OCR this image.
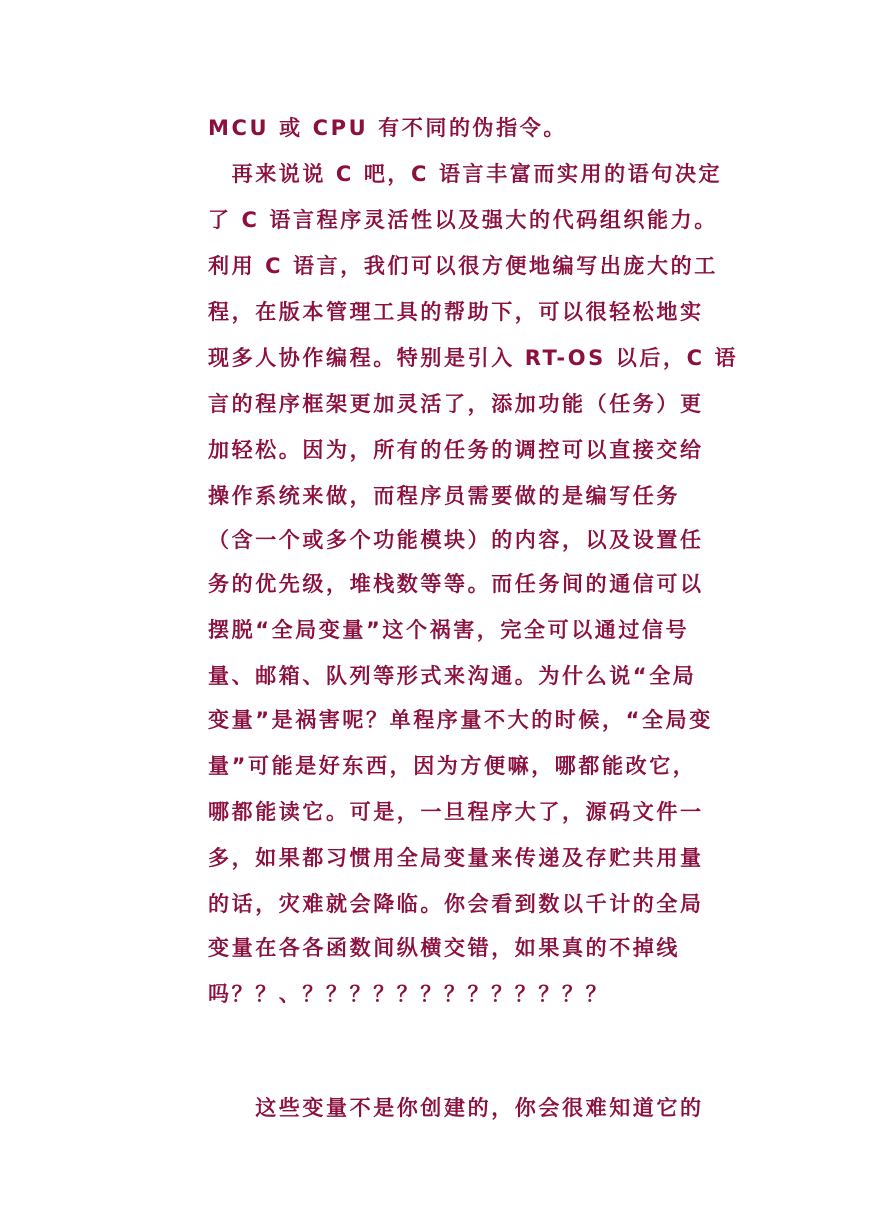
MCU 或 CPU 有不同的伪指令。
　再来说说 C 吧，C 语言丰富而实用的语句决定
了 C 语言程序灵活性以及强大的代码组织能力。
利用 C 语言，我们可以很方便地编写出庞大的工
程，在版本管理工具的帮助下，可以很轻松地实
现多人协作编程。特别是引入 RT-OS 以后，C 语
言的程序框架更加灵活了，添加功能（任务）更
加轻松。因为，所有的任务的调控可以直接交给
操作系统来做，而程序员需要做的是编写任务
（含一个或多个功能模块）的内容，以及设置任
务的优先级，堆栈数等等。而任务间的通信可以
摆脱“全局变量”这个祸害，完全可以通过信号
量、邮箱、队列等形式来沟通。为什么说“全局
变量”是祸害呢？单程序量不大的时候，“全局变
量”可能是好东西，因为方便嘛，哪都能改它，
哪都能读它。可是，一旦程序大了，源码文件一
多，如果都习惯用全局变量来传递及存贮共用量
的话，灾难就会降临。你会看到数以千计的全局
变量在各各函数间纵横交错，如果真的不掉线
吗？？、？？？？？？？？？？？？？
　　这些变量不是你创建的，你会很难知道它的
